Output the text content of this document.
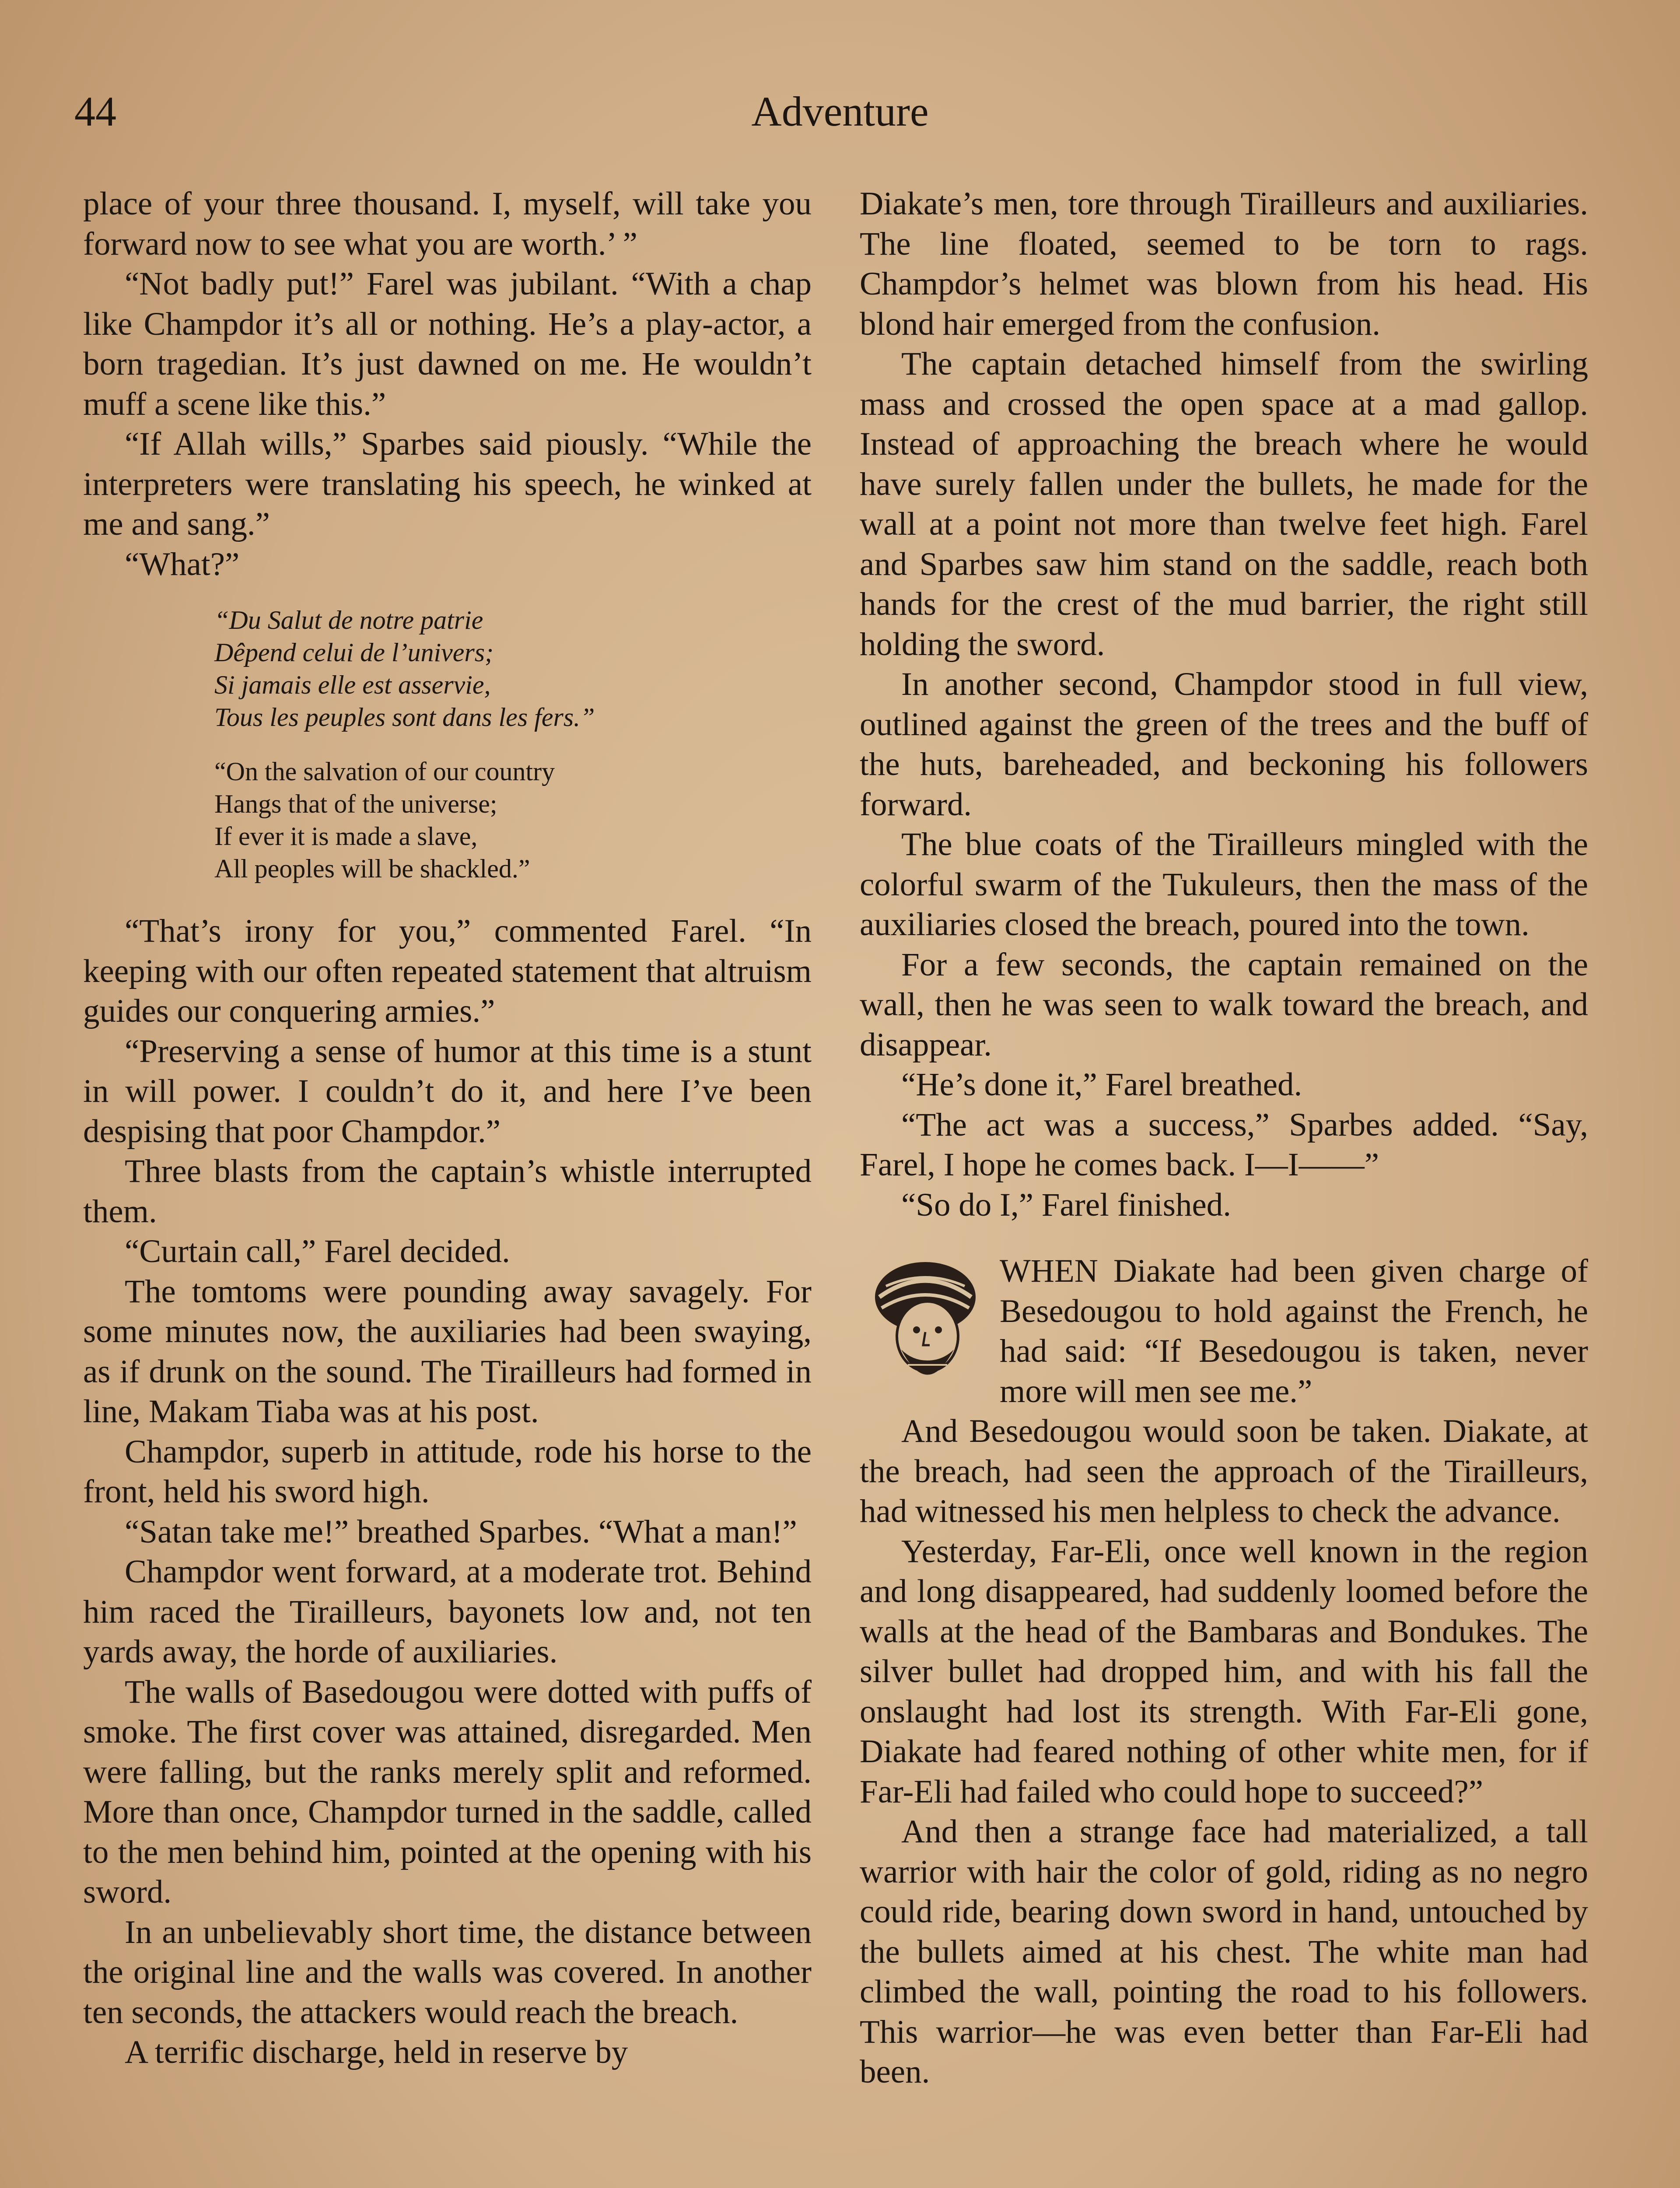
44	Adventure

place of your three thousand. I, myself, will take you forward now to see what you are worth.’ ”

“Not badly put!” Farel was jubilant. “With a chap like Champdor it’s all or nothing. He’s a play-actor, a born tragedian. It’s just dawned on me. He wouldn’t muff a scene like this.”

“If Allah wills,” Sparbes said piously. “While the interpreters were translating his speech, he winked at me and sang.”

“What?”

“Du Salut de notre patrie
Dêpend celui de l’univers;
Si jamais elle est asservie,
Tous les peuples sont dans les fers.”
“On the salvation of our country
Hangs that of the universe;
If ever it is made a slave,
All peoples will be shackled.”

“That’s irony for you,” commented Farel. “In keeping with our often repeated statement that altruism guides our conquering armies.”

“Preserving a sense of humor at this time is a stunt in will power. I couldn’t do it, and here I’ve been despising that poor Champdor.”

Three blasts from the captain’s whistle interrupted them.

“Curtain call,” Farel decided.

The tomtoms were pounding away savagely. For some minutes now, the auxiliaries had been swaying, as if drunk on the sound. The Tirailleurs had formed in line, Makam Tiaba was at his post.

Champdor, superb in attitude, rode his horse to the front, held his sword high.

“Satan take me!” breathed Sparbes. “What a man!”

Champdor went forward, at a moderate trot. Behind him raced the Tirailleurs, bayonets low and, not ten yards away, the horde of auxiliaries.

The walls of Basedougou were dotted with puffs of smoke. The first cover was attained, disregarded. Men were falling, but the ranks merely split and reformed. More than once, Champdor turned in the saddle, called to the men behind him, pointed at the opening with his sword.

In an unbelievably short time, the distance between the original line and the walls was covered. In another ten seconds, the attackers would reach the breach.

A terrific discharge, held in reserve by

Diakate’s men, tore through Tirailleurs and auxiliaries. The line floated, seemed to be torn to rags. Champdor’s helmet was blown from his head. His blond hair emerged from the confusion.

The captain detached himself from the swirling mass and crossed the open space at a mad gallop. Instead of approaching the breach where he would have surely fallen under the bullets, he made for the wall at a point not more than twelve feet high. Farel and Sparbes saw him stand on the saddle, reach both hands for the crest of the mud barrier, the right still holding the sword.

In another second, Champdor stood in full view, outlined against the green of the trees and the buff of the huts, bareheaded, and beckoning his followers forward.

The blue coats of the Tirailleurs mingled with the colorful swarm of the Tukuleurs, then the mass of the auxiliaries closed the breach, poured into the town.

For a few seconds, the captain remained on the wall, then he was seen to walk toward the breach, and disappear.

“He’s done it,” Farel breathed.

“The act was a success,” Sparbes added. “Say, Farel, I hope he comes back. I—I——”

“So do I,” Farel finished.

WHEN Diakate had been given charge of Besedougou to hold against the French, he had said: “If Besedougou is taken, never more will men see me.”

And Besedougou would soon be taken. Diakate, at the breach, had seen the approach of the Tirailleurs, had witnessed his men helpless to check the advance.

Yesterday, Far-Eli, once well known in the region and long disappeared, had suddenly loomed before the walls at the head of the Bambaras and Bondukes. The silver bullet had dropped him, and with his fall the onslaught had lost its strength. With Far-Eli gone, Diakate had feared nothing of other white men, for if Far-Eli had failed who could hope to succeed?”

And then a strange face had materialized, a tall warrior with hair the color of gold, riding as no negro could ride, bearing down sword in hand, untouched by the bullets aimed at his chest. The white man had climbed the wall, pointing the road to his followers. This warrior—he was even better than Far-Eli had been.
